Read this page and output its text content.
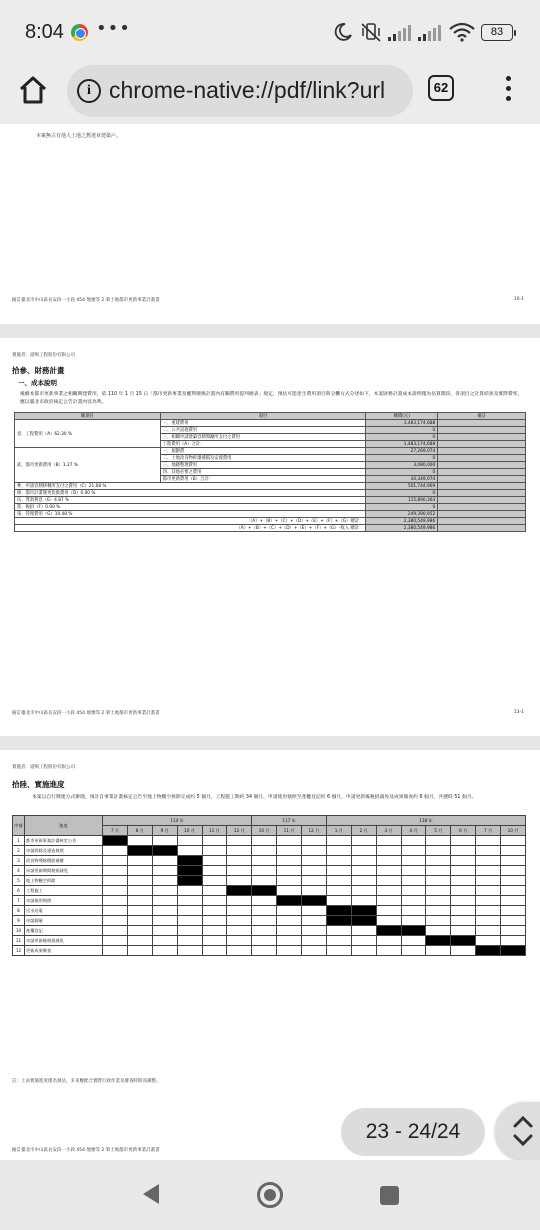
8:04 •••	83
i chrome-native://pdf/link?url	62
本案無占有他人土地之舊違章建築戶。
擬訂臺北市中山區長安段一小段 454 地號等 2 筆土地都市更新事業計畫書	10-1
實施者：道鳴工程股份有限公司
拾參、財務計畫
一、成本說明
後續本都市更新事業之相關興建費用，依 110 年 1 月 15 日「都市更新事業及權利變換計畫內有關費用提列總表」規定，預估可能產生費用項目與分攤方式分述如下，本案財務計畫成本說明僅為估算階段，各項目之計算結果及實際費率，應以臺北市政府核定公告計畫內容為準。
總項目	項目	總價(元)	備註
壹、工程費用（A）62.30 %	一、重建費用	1,483,174,688	
	二、公共設施費用	0	
	三、相關申請建築容積獎勵所支付之費用	0	
	工程費用（A）合計：	1,483,174,688	
貳、都市更新費用（B）1.27 %	一、規劃費	27,269,074	
	二、土地改良物拆遷補償及安置費用	0	
	三、地籍整理費用	3,080,000	
	四、其他必要之費用	0	
	都市更新費用（B）合計：	30,349,074	
參、申請容積移轉所支付之費用（C）21.08 %		501,744,969	
肆、都市計畫變更負擔費用（D）0.00 %		0	
伍、貸款利息（E）4.87 %		115,890,303	
陸、稅捐（F）0.00 %		0	
柒、管理費用（G）10.48 %		249,390,952	
（A）+（B）+（C）+（D）+（E）+（F）+（G）總計：		2,380,549,986	
（A）+（B）+（C）+（D）+（E）+（F）+（G）-收入 總計：		2,380,549,986	
擬訂臺北市中山區長安段一小段 454 地號等 2 筆土地都市更新事業計畫書	13-1
實施者：道鳴工程股份有限公司
拾陸、實施進度
本案以自行興建方式辦理，預計自事業計畫核定公告至地上物騰空拆除完成約 5 個月，工程施工期約 34 個月，申請使用執照至產權登記約 6 個月，申請更新後稅捐減免及成果備查約 6 個月，共歷時 51 個月。
序號	進度	114 年						117 年			118 年							
		7 月	8 月	9 月	10 月	11 月	12 月	10 月	11 月	12 月	1 月	2 月	3 月	4 月	5 月	6 月	7 月	10 月
1	都市更新事業計畫核定公告																	
2	申請拆除及建造執照																	
3	改良物殘餘價值補償																	
4	申請更新期間稅捐減免																	
5	地上物騰空拆除																	
6	工程施工																	
7	申請使用執照																	
8	送水送電																	
9	申請測量																	
10	產權登記																	
11	申請更新後稅捐減免																	
12	更新成果備查																	
註：上表實施進度僅為預估，未來應配合實際行政作業及審查時間而調整。
擬訂臺北市中山區長安段一小段 454 地號等 2 筆土地都市更新事業計畫書
23 - 24/24
